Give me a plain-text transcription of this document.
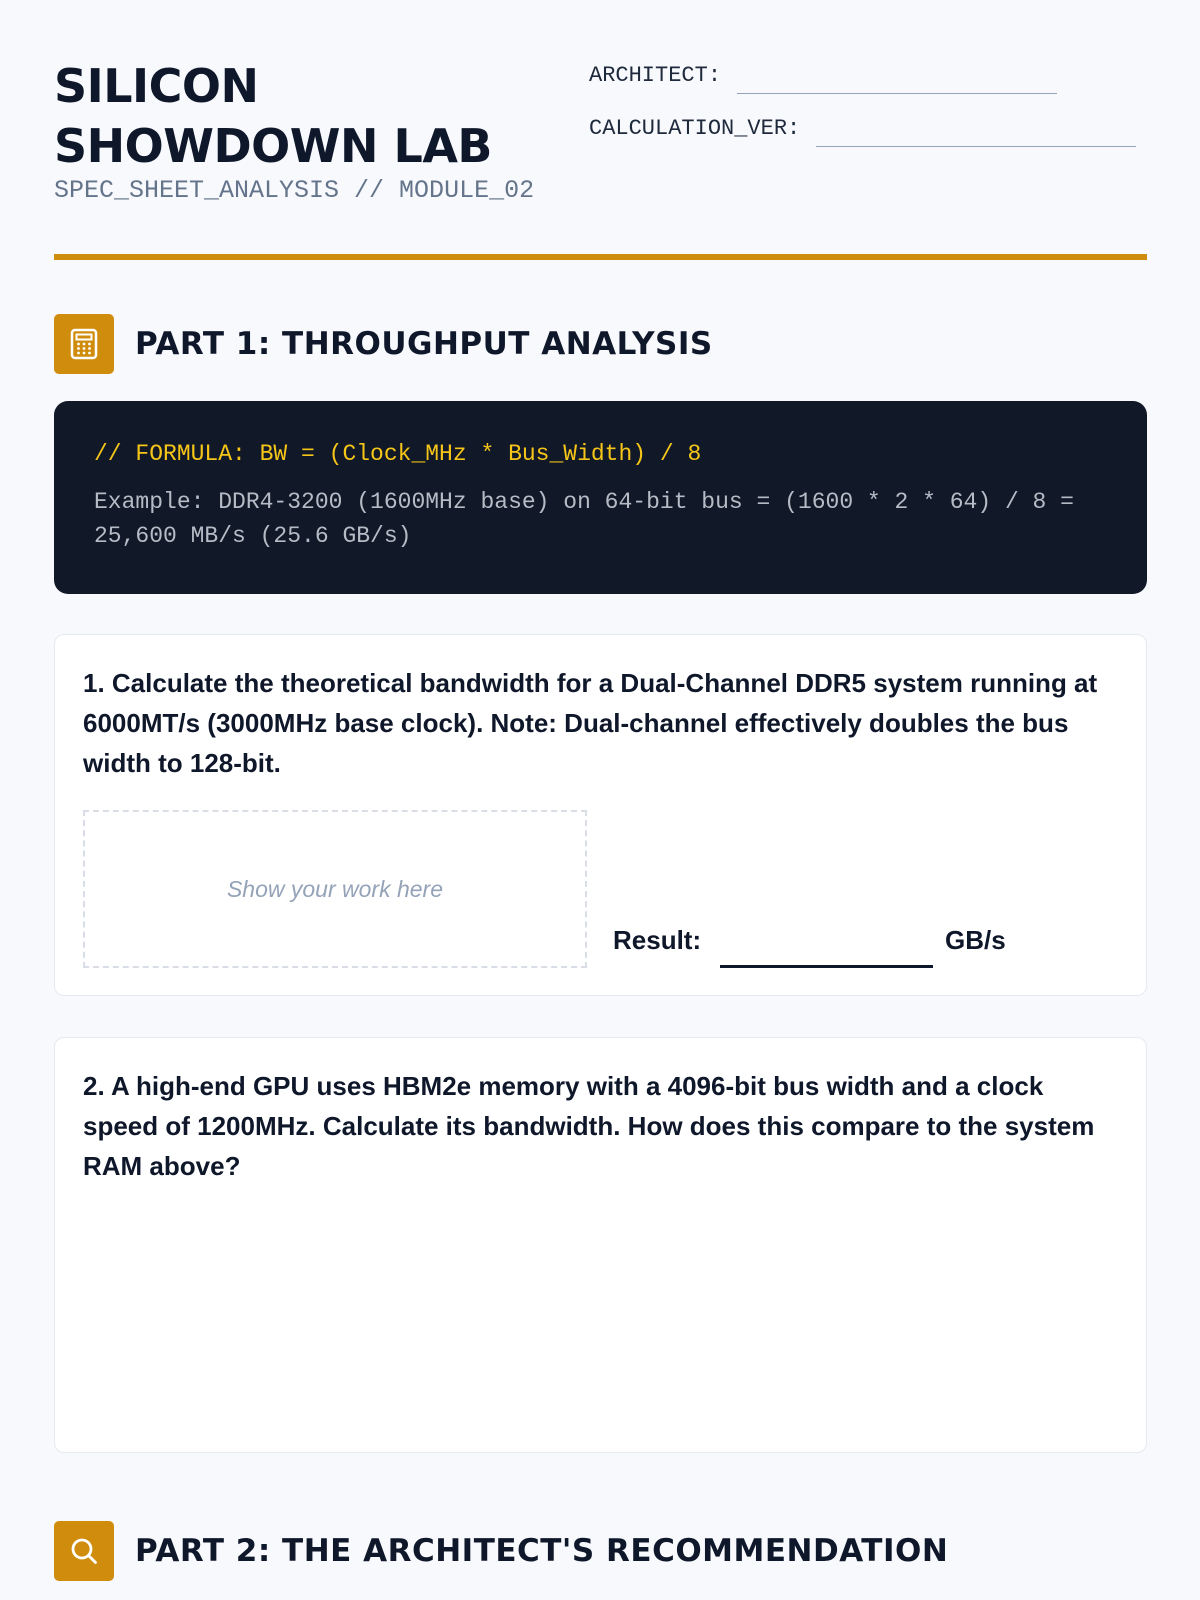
SILICON SHOWDOWN LAB
SPEC_SHEET_ANALYSIS // MODULE_02
ARCHITECT:
CALCULATION_VER:
PART 1: THROUGHPUT ANALYSIS
// FORMULA: BW = (Clock_MHz * Bus_Width) / 8
Example: DDR4-3200 (1600MHz base) on 64-bit bus = (1600 * 2 * 64) / 8 = 25,600 MB/s (25.6 GB/s)
1. Calculate the theoretical bandwidth for a Dual-Channel DDR5 system running at 6000MT/s (3000MHz base clock). Note: Dual-channel effectively doubles the bus width to 128-bit.
Show your work here
Result:	GB/s
2. A high-end GPU uses HBM2e memory with a 4096-bit bus width and a clock speed of 1200MHz. Calculate its bandwidth. How does this compare to the system RAM above?
PART 2: THE ARCHITECT'S RECOMMENDATION
